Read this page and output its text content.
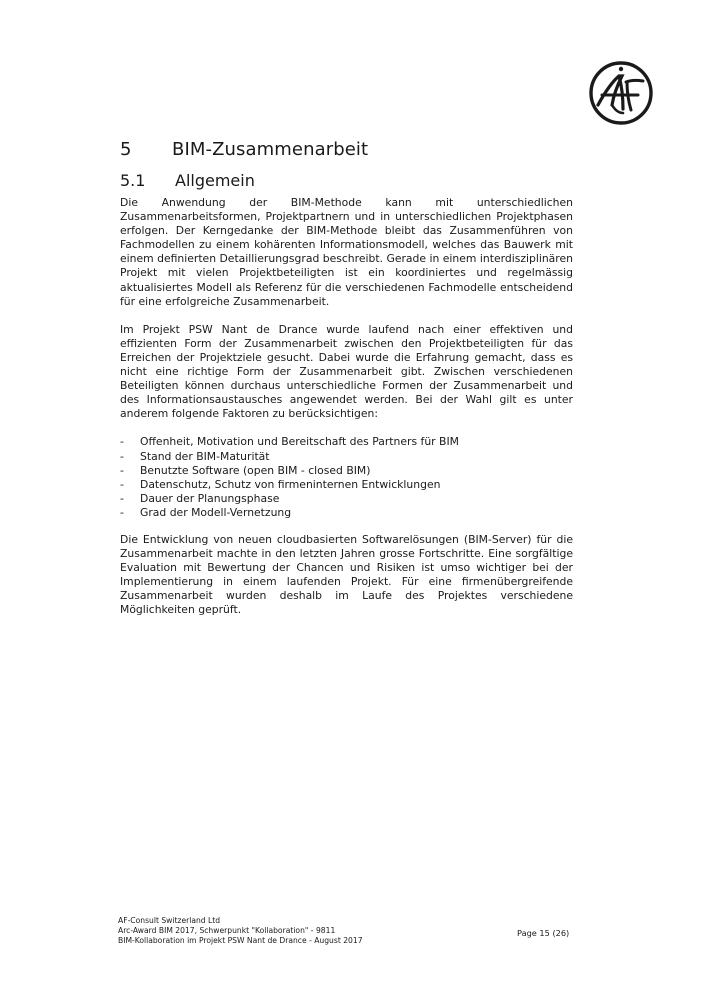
5 BIM-Zusammenarbeit
5.1 Allgemein

Die Anwendung der BIM-Methode kann mit unterschiedlichen Zusammenarbeitsformen, Projektpartnern und in unterschiedlichen Projektphasen erfolgen. Der Kerngedanke der BIM-Methode bleibt das Zusammenführen von Fachmodellen zu einem kohärenten Informationsmodell, welches das Bauwerk mit einem definierten Detaillierungsgrad beschreibt. Gerade in einem interdisziplinären Projekt mit vielen Projektbeteiligten ist ein koordiniertes und regelmässig aktualisiertes Modell als Referenz für die verschiedenen Fachmodelle entscheidend für eine erfolgreiche Zusammenarbeit.

Im Projekt PSW Nant de Drance wurde laufend nach einer effektiven und effizienten Form der Zusammenarbeit zwischen den Projektbeteiligten für das Erreichen der Projektziele gesucht. Dabei wurde die Erfahrung gemacht, dass es nicht eine richtige Form der Zusammenarbeit gibt. Zwischen verschiedenen Beteiligten können durchaus unterschiedliche Formen der Zusammenarbeit und des Informationsaustausches angewendet werden. Bei der Wahl gilt es unter anderem folgende Faktoren zu berücksichtigen:

- Offenheit, Motivation und Bereitschaft des Partners für BIM
- Stand der BIM-Maturität
- Benutzte Software (open BIM - closed BIM)
- Datenschutz, Schutz von firmeninternen Entwicklungen
- Dauer der Planungsphase
- Grad der Modell-Vernetzung

Die Entwicklung von neuen cloudbasierten Softwarelösungen (BIM-Server) für die Zusammenarbeit machte in den letzten Jahren grosse Fortschritte. Eine sorgfältige Evaluation mit Bewertung der Chancen und Risiken ist umso wichtiger bei der Implementierung in einem laufenden Projekt. Für eine firmenübergreifende Zusammenarbeit wurden deshalb im Laufe des Projektes verschiedene Möglichkeiten geprüft.

AF-Consult Switzerland Ltd
Arc-Award BIM 2017, Schwerpunkt "Kollaboration" - 9811
BIM-Kollaboration im Projekt PSW Nant de Drance - August 2017
Page 15 (26)
